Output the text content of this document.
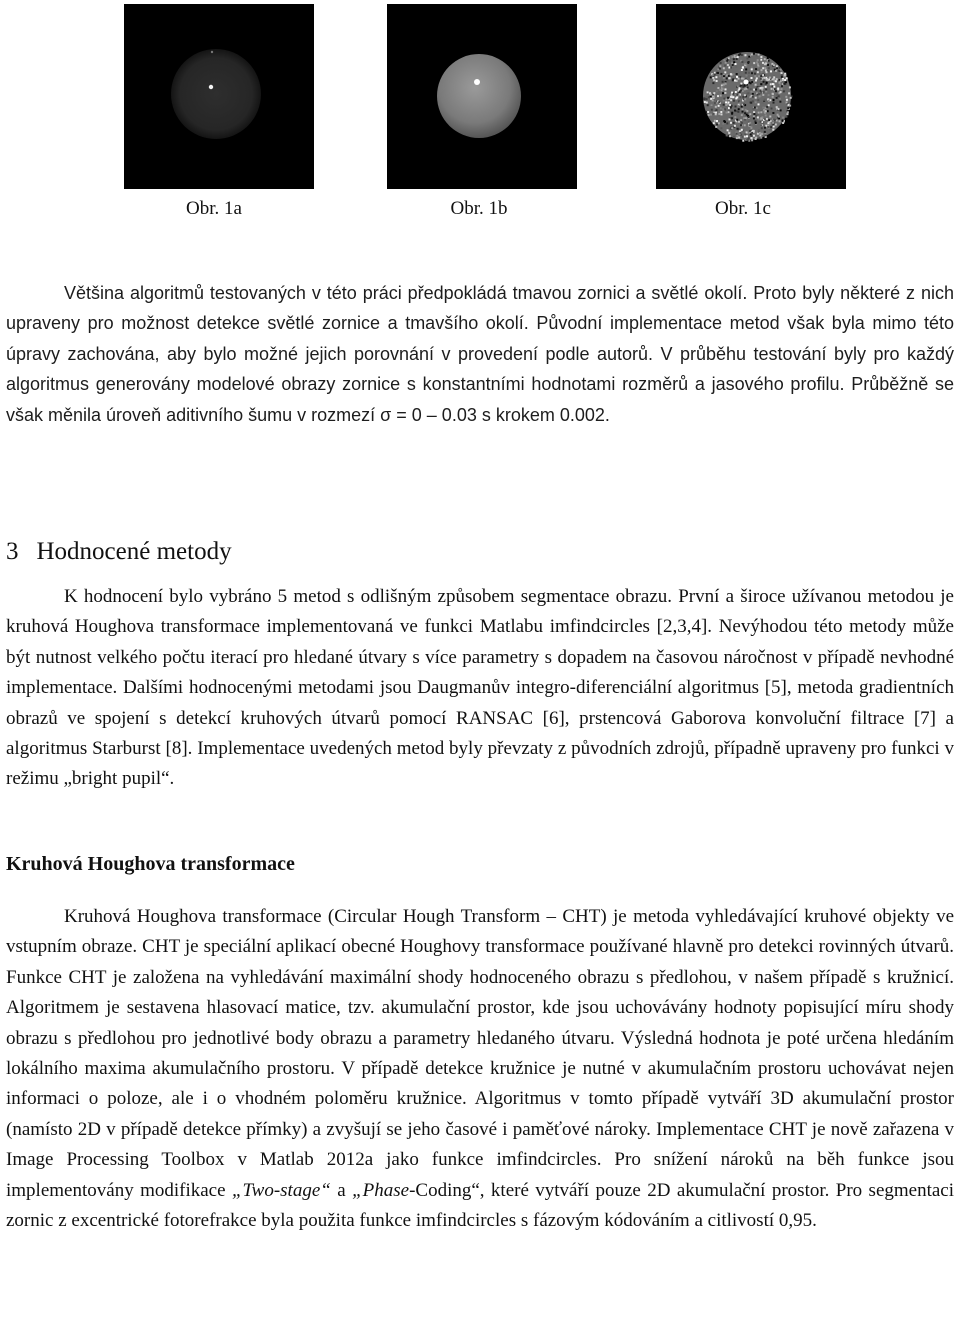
Obr. 1a	Obr. 1b	Obr. 1c

Většina algoritmů testovaných v této práci předpokládá tmavou zornici a světlé okolí. Proto byly některé z nich upraveny pro možnost detekce světlé zornice a tmavšího okolí. Původní implementace metod však byla mimo této úpravy zachována, aby bylo možné jejich porovnání v provedení podle autorů. V průběhu testování byly pro každý algoritmus generovány modelové obrazy zornice s konstantními hodnotami rozměrů a jasového profilu. Průběžně se však měnila úroveň aditivního šumu v rozmezí σ = 0 – 0.03 s krokem 0.002.

3 Hodnocené metody

K hodnocení bylo vybráno 5 metod s odlišným způsobem segmentace obrazu. První a široce užívanou metodou je kruhová Houghova transformace implementovaná ve funkci Matlabu imfindcircles [2,3,4]. Nevýhodou této metody může být nutnost velkého počtu iterací pro hledané útvary s více parametry s dopadem na časovou náročnost v případě nevhodné implementace. Dalšími hodnocenými metodami jsou Daugmanův integro-diferenciální algoritmus [5], metoda gradientních obrazů ve spojení s detekcí kruhových útvarů pomocí RANSAC [6], prstencová Gaborova konvoluční filtrace [7] a algoritmus Starburst [8]. Implementace uvedených metod byly převzaty z původních zdrojů, případně upraveny pro funkci v režimu „bright pupil“.

Kruhová Houghova transformace

Kruhová Houghova transformace (Circular Hough Transform – CHT) je metoda vyhledávající kruhové objekty ve vstupním obraze. CHT je speciální aplikací obecné Houghovy transformace používané hlavně pro detekci rovinných útvarů. Funkce CHT je založena na vyhledávání maximální shody hodnoceného obrazu s předlohou, v našem případě s kružnicí. Algoritmem je sestavena hlasovací matice, tzv. akumulační prostor, kde jsou uchovávány hodnoty popisující míru shody obrazu s předlohou pro jednotlivé body obrazu a parametry hledaného útvaru. Výsledná hodnota je poté určena hledáním lokálního maxima akumulačního prostoru. V případě detekce kružnice je nutné v akumulačním prostoru uchovávat nejen informaci o poloze, ale i o vhodném poloměru kružnice. Algoritmus v tomto případě vytváří 3D akumulační prostor (namísto 2D v případě detekce přímky) a zvyšují se jeho časové i paměťové nároky. Implementace CHT je nově zařazena v Image Processing Toolbox v Matlab 2012a jako funkce imfindcircles. Pro snížení nároků na běh funkce jsou implementovány modifikace „Two-stage“ a „Phase-Coding“, které vytváří pouze 2D akumulační prostor. Pro segmentaci zornic z excentrické fotorefrakce byla použita funkce imfindcircles s fázovým kódováním a citlivostí 0,95.
